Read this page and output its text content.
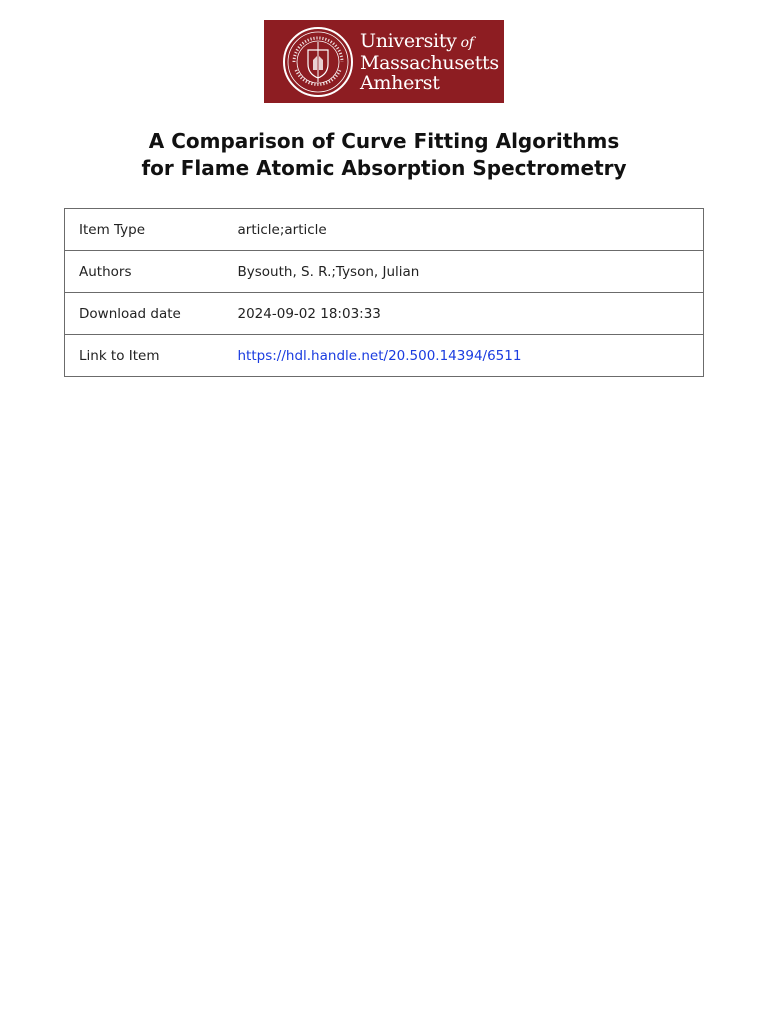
University of
Massachusetts
Amherst
A Comparison of Curve Fitting Algorithms
for Flame Atomic Absorption Spectrometry
Item Type	article;article
Authors	Bysouth, S. R.;Tyson, Julian
Download date	2024-09-02 18:03:33
Link to Item	https://hdl.handle.net/20.500.14394/6511
